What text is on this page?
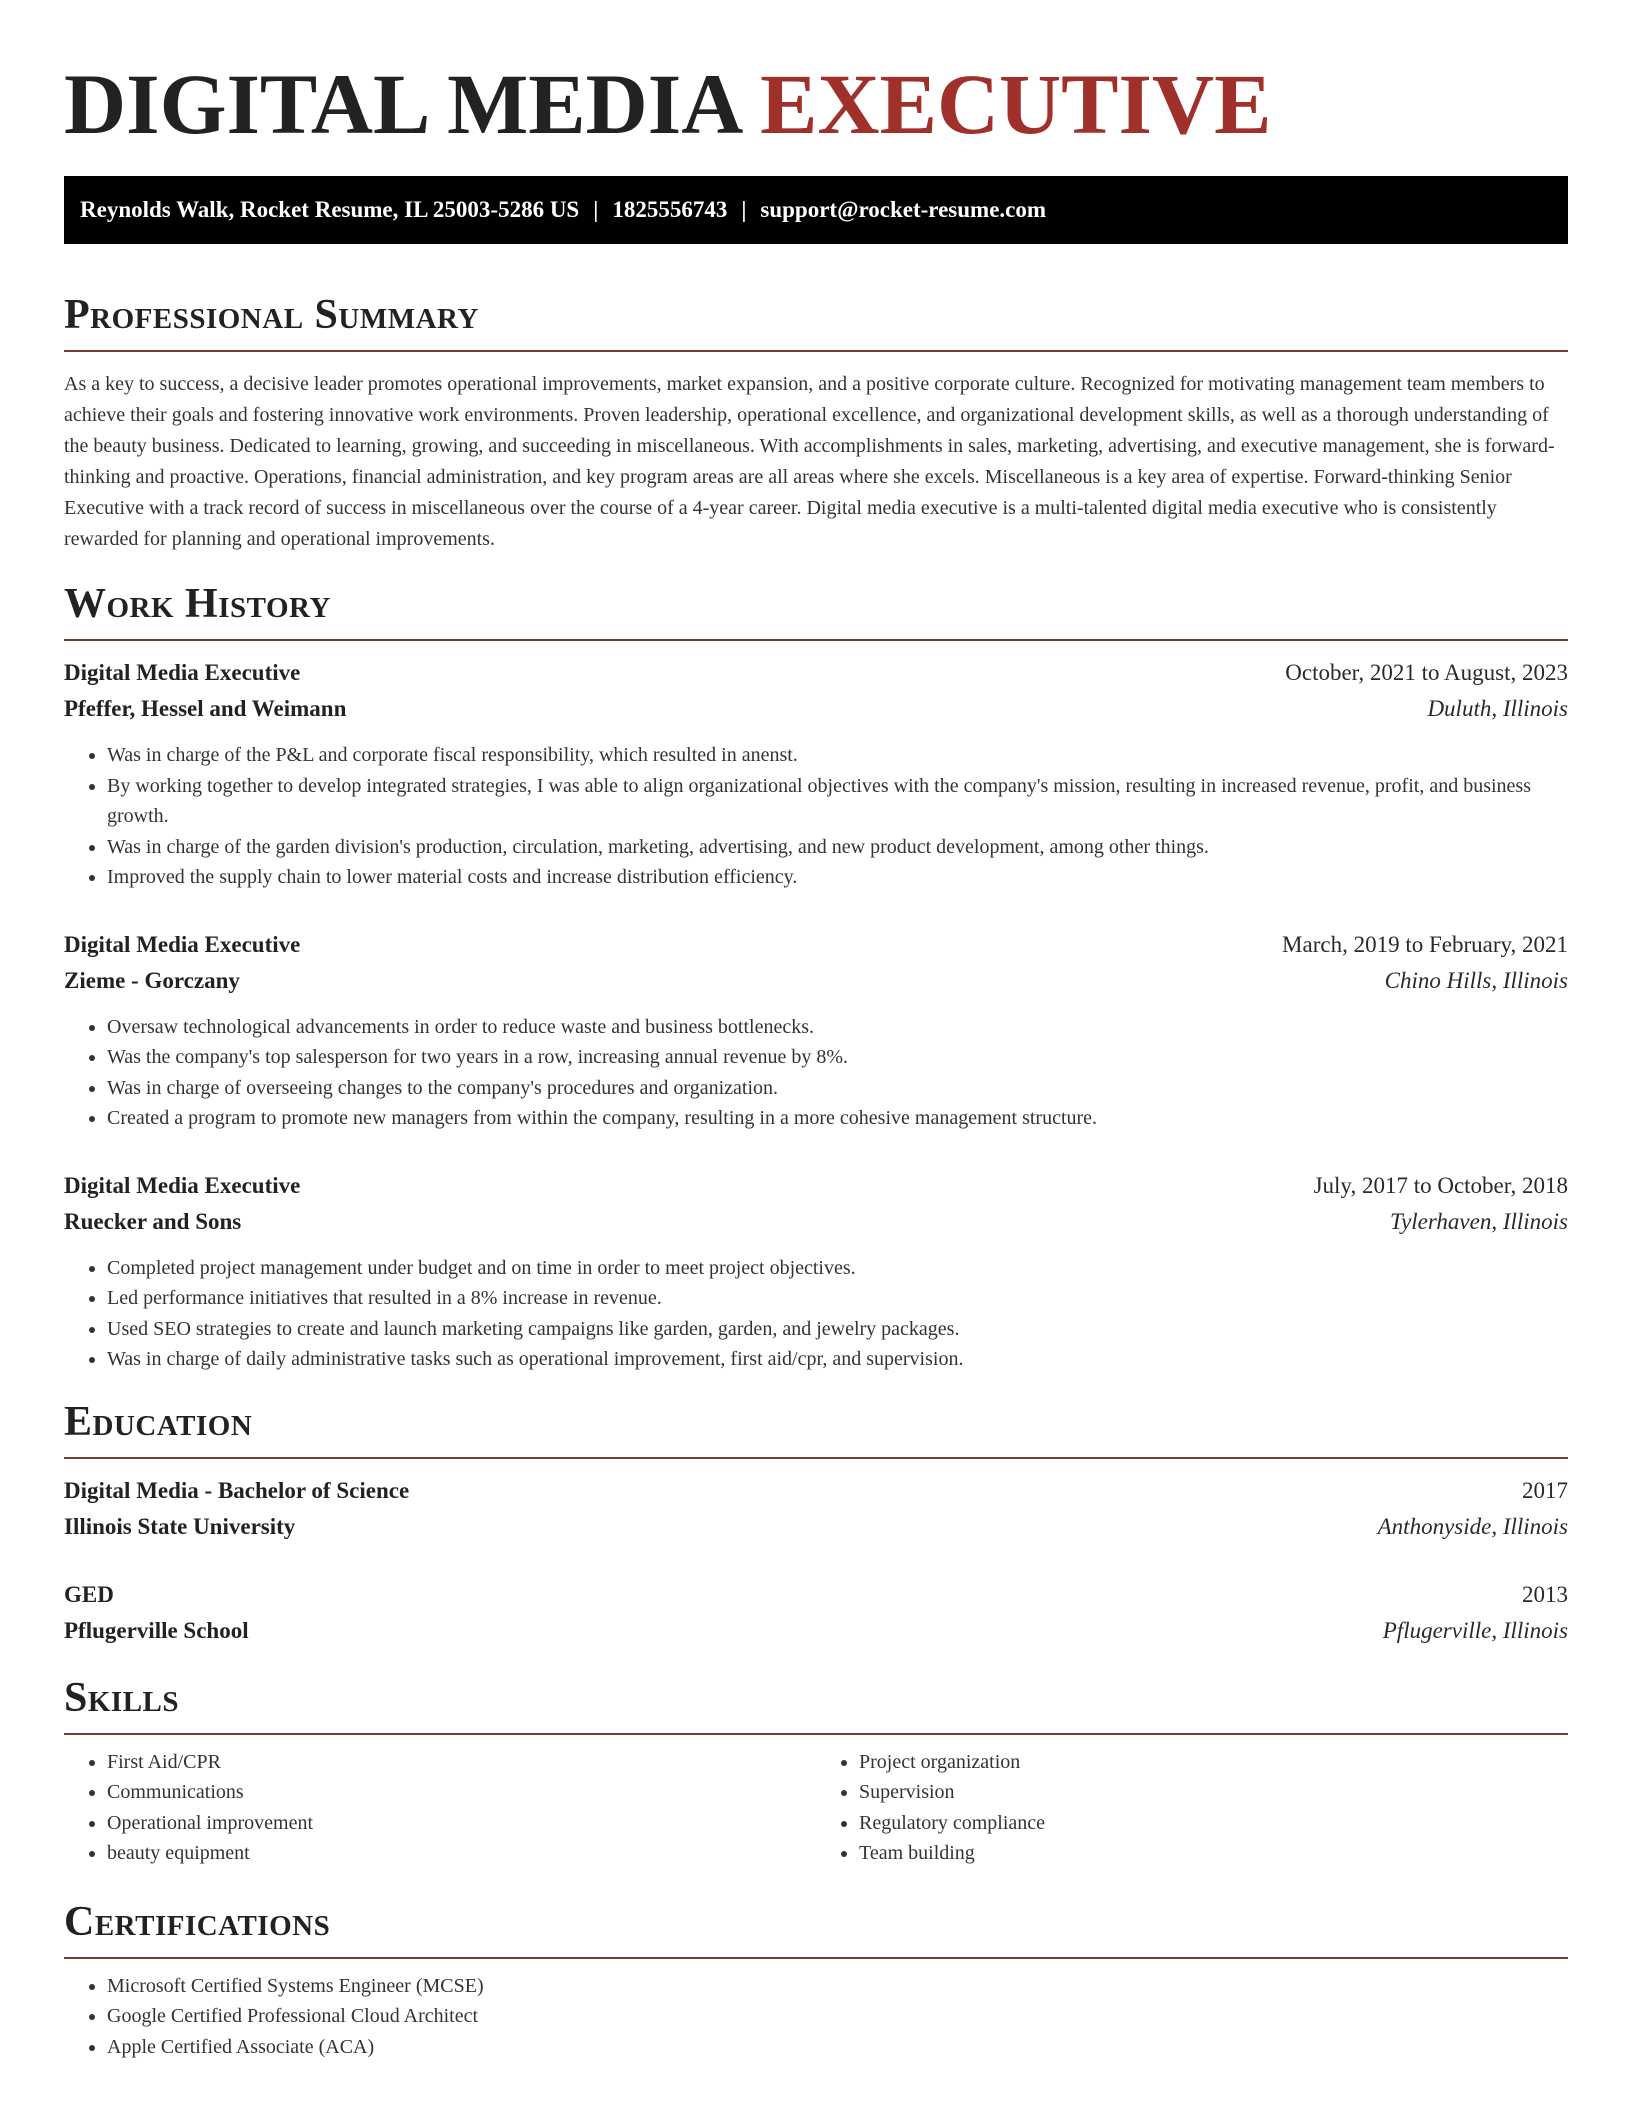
DIGITAL MEDIA EXECUTIVE
Reynolds Walk, Rocket Resume, IL 25003-5286 US | 1825556743 | support@rocket-resume.com
Professional Summary

As a key to success, a decisive leader promotes operational improvements, market expansion, and a positive corporate culture. Recognized for motivating management team members to achieve their goals and fostering innovative work environments. Proven leadership, operational excellence, and organizational development skills, as well as a thorough understanding of the beauty business. Dedicated to learning, growing, and succeeding in miscellaneous. With accomplishments in sales, marketing, advertising, and executive management, she is forward-thinking and proactive. Operations, financial administration, and key program areas are all areas where she excels. Miscellaneous is a key area of expertise. Forward-thinking Senior Executive with a track record of success in miscellaneous over the course of a 4-year career. Digital media executive is a multi-talented digital media executive who is consistently rewarded for planning and operational improvements.

Work History
Digital Media Executive	October, 2021 to August, 2023
Pfeffer, Hessel and Weimann	Duluth, Illinois
• Was in charge of the P&L and corporate fiscal responsibility, which resulted in anenst.
• By working together to develop integrated strategies, I was able to align organizational objectives with the company's mission, resulting in increased revenue, profit, and business growth.
• Was in charge of the garden division's production, circulation, marketing, advertising, and new product development, among other things.
• Improved the supply chain to lower material costs and increase distribution efficiency.
Digital Media Executive	March, 2019 to February, 2021
Zieme - Gorczany	Chino Hills, Illinois
• Oversaw technological advancements in order to reduce waste and business bottlenecks.
• Was the company's top salesperson for two years in a row, increasing annual revenue by 8%.
• Was in charge of overseeing changes to the company's procedures and organization.
• Created a program to promote new managers from within the company, resulting in a more cohesive management structure.
Digital Media Executive	July, 2017 to October, 2018
Ruecker and Sons	Tylerhaven, Illinois
• Completed project management under budget and on time in order to meet project objectives.
• Led performance initiatives that resulted in a 8% increase in revenue.
• Used SEO strategies to create and launch marketing campaigns like garden, garden, and jewelry packages.
• Was in charge of daily administrative tasks such as operational improvement, first aid/cpr, and supervision.
Education
Digital Media - Bachelor of Science	2017
Illinois State University	Anthonyside, Illinois
GED	2013
Pflugerville School	Pflugerville, Illinois
Skills
• First Aid/CPR
• Communications
• Operational improvement
• beauty equipment
• Project organization
• Supervision
• Regulatory compliance
• Team building
Certifications
• Microsoft Certified Systems Engineer (MCSE)
• Google Certified Professional Cloud Architect
• Apple Certified Associate (ACA)
